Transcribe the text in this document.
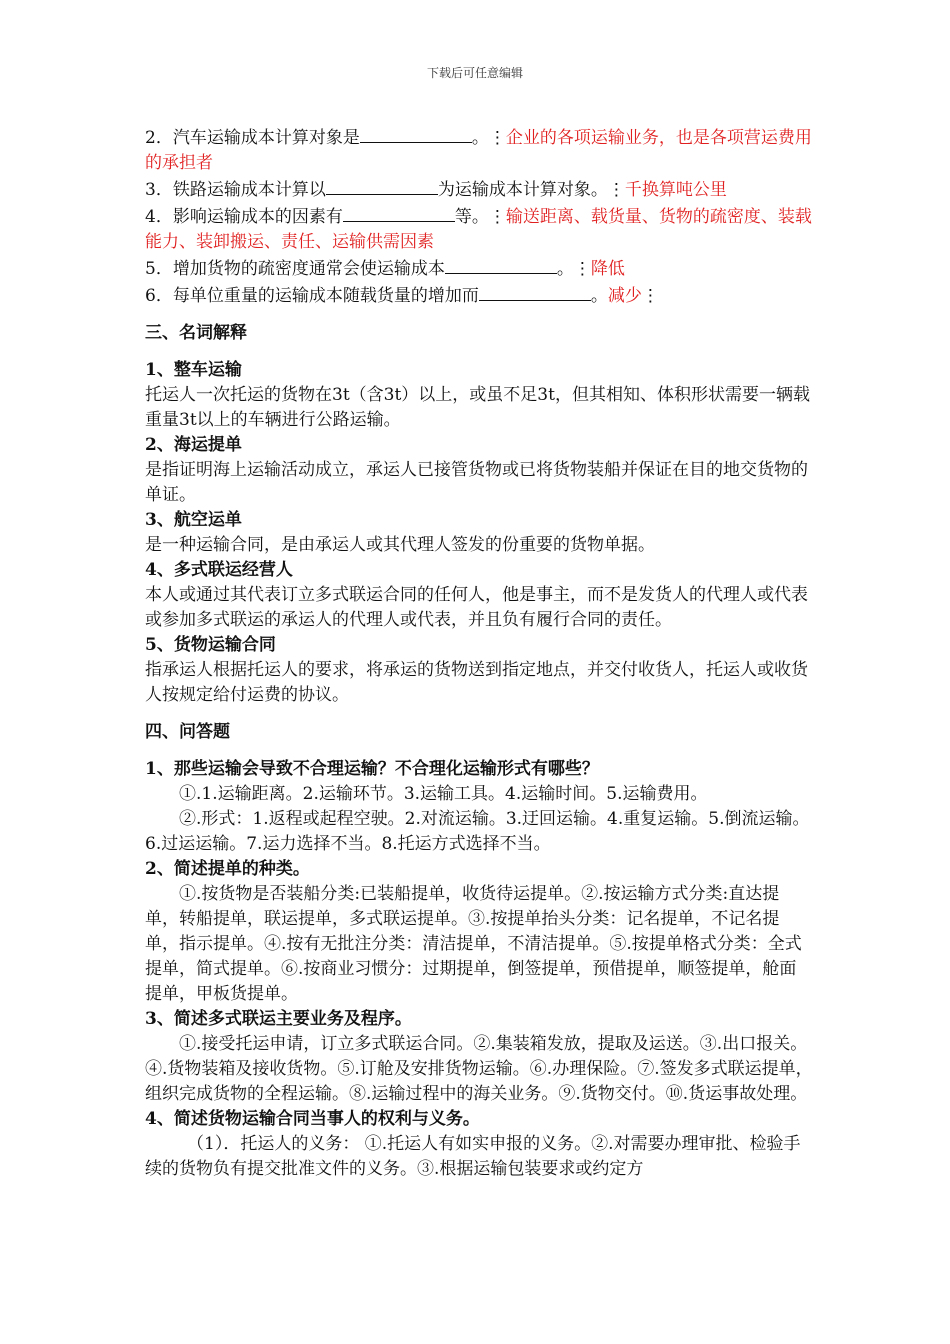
下载后可任意编辑

2．汽车运输成本计算对象是	。⋮企业的各项运输业务，也是各项营运费用的承担者

3．铁路运输成本计算以	为运输成本计算对象。⋮千换算吨公里

4．影响运输成本的因素有	等。⋮输送距离、载货量、货物的疏密度、装载能力、装卸搬运、责任、运输供需因素

5．增加货物的疏密度通常会使运输成本	。⋮降低

6．每单位重量的运输成本随载货量的增加而	。减少⋮

三、名词解释

1、整车运输

托运人一次托运的货物在3t（含3t）以上，或虽不足3t，但其相知、体积形状需要一辆载重量3t以上的车辆进行公路运输。

2、海运提单

是指证明海上运输活动成立，承运人已接管货物或已将货物装船并保证在目的地交货物的单证。

3、航空运单

是一种运输合同，是由承运人或其代理人签发的份重要的货物单据。

4、多式联运经营人

本人或通过其代表订立多式联运合同的任何人，他是事主，而不是发货人的代理人或代表或参加多式联运的承运人的代理人或代表，并且负有履行合同的责任。

5、货物运输合同

指承运人根据托运人的要求，将承运的货物送到指定地点，并交付收货人，托运人或收货人按规定给付运费的协议。

四、问答题

1、那些运输会导致不合理运输？不合理化运输形式有哪些？

①.1.运输距离。2.运输环节。3.运输工具。4.运输时间。5.运输费用。

②.形式：1.返程或起程空驶。2.对流运输。3.迂回运输。4.重复运输。5.倒流运输。6.过运运输。7.运力选择不当。8.托运方式选择不当。

2、简述提单的种类。

①.按货物是否装船分类:已装船提单，收货待运提单。②.按运输方式分类:直达提单，转船提单，联运提单，多式联运提单。③.按提单抬头分类：记名提单，不记名提单，指示提单。④.按有无批注分类：清洁提单，不清洁提单。⑤.按提单格式分类：全式提单，简式提单。⑥.按商业习惯分：过期提单，倒签提单，预借提单，顺签提单，舱面提单，甲板货提单。

3、简述多式联运主要业务及程序。

①.接受托运申请，订立多式联运合同。②.集装箱发放，提取及运送。③.出口报关。④.货物装箱及接收货物。⑤.订舱及安排货物运输。⑥.办理保险。⑦.签发多式联运提单，组织完成货物的全程运输。⑧.运输过程中的海关业务。⑨.货物交付。⑩.货运事故处理。

4、简述货物运输合同当事人的权利与义务。

（1）．托运人的义务： ①.托运人有如实申报的义务。②.对需要办理审批、检验手续的货物负有提交批准文件的义务。③.根据运输包装要求或约定方
